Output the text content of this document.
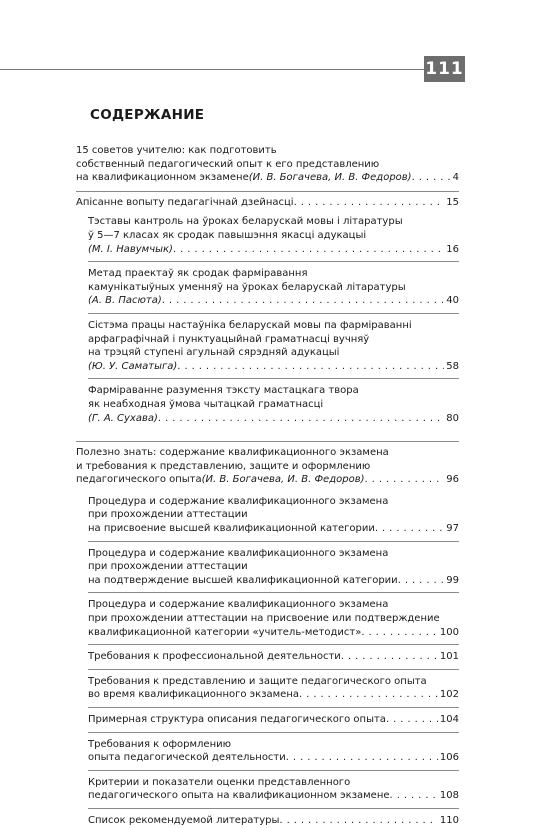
111
СОДЕРЖАНИЕ
15 советов учителю: как подготовить
собственный педагогический опыт к его представлению
на квалификационном экзамене (И. В. Богачева, И. В. Федоров) . . .	4
Апісанне вопыту педагагічнай дзейнасці . . .	15
Тэставы кантроль на ўроках беларускай мовы і літаратуры
ў 5—7 класах як сродак павышэння якасці адукацыі
(М. І. Навумчык) . . .	16
Метад праектаў як сродак фарміравання
камунікатыўных уменняў на ўроках беларускай літаратуры
(А. В. Пасюта) . . .	40
Сістэма працы настаўніка беларускай мовы па фарміраванні
арфаграфічнай і пунктуацыйнай граматнасці вучняў
на трэцяй ступені агульнай сярэдняй адукацыі
(Ю. У. Саматыга) . . .	58
Фарміраванне разумення тэксту мастацкага твора
як неабходная ўмова чытацкай граматнасці
(Г. А. Сухава) . . .	80
Полезно знать: содержание квалификационного экзамена
и требования к представлению, защите и оформлению
педагогического опыта (И. В. Богачева, И. В. Федоров) . . .	96
Процедура и содержание квалификационного экзамена
при прохождении аттестации
на присвоение высшей квалификационной категории . . .	97
Процедура и содержание квалификационного экзамена
при прохождении аттестации
на подтверждение высшей квалификационной категории . . .	99
Процедура и содержание квалификационного экзамена
при прохождении аттестации на присвоение или подтверждение
квалификационной категории «учитель-методист» . . .	100
Требования к профессиональной деятельности . . .	101
Требования к представлению и защите педагогического опыта
во время квалификационного экзамена . . .	102
Примерная структура описания педагогического опыта . . .	104
Требования к оформлению
опыта педагогической деятельности . . .	106
Критерии и показатели оценки представленного
педагогического опыта на квалификационном экзамене . . .	108
Список рекомендуемой литературы . . .	110
